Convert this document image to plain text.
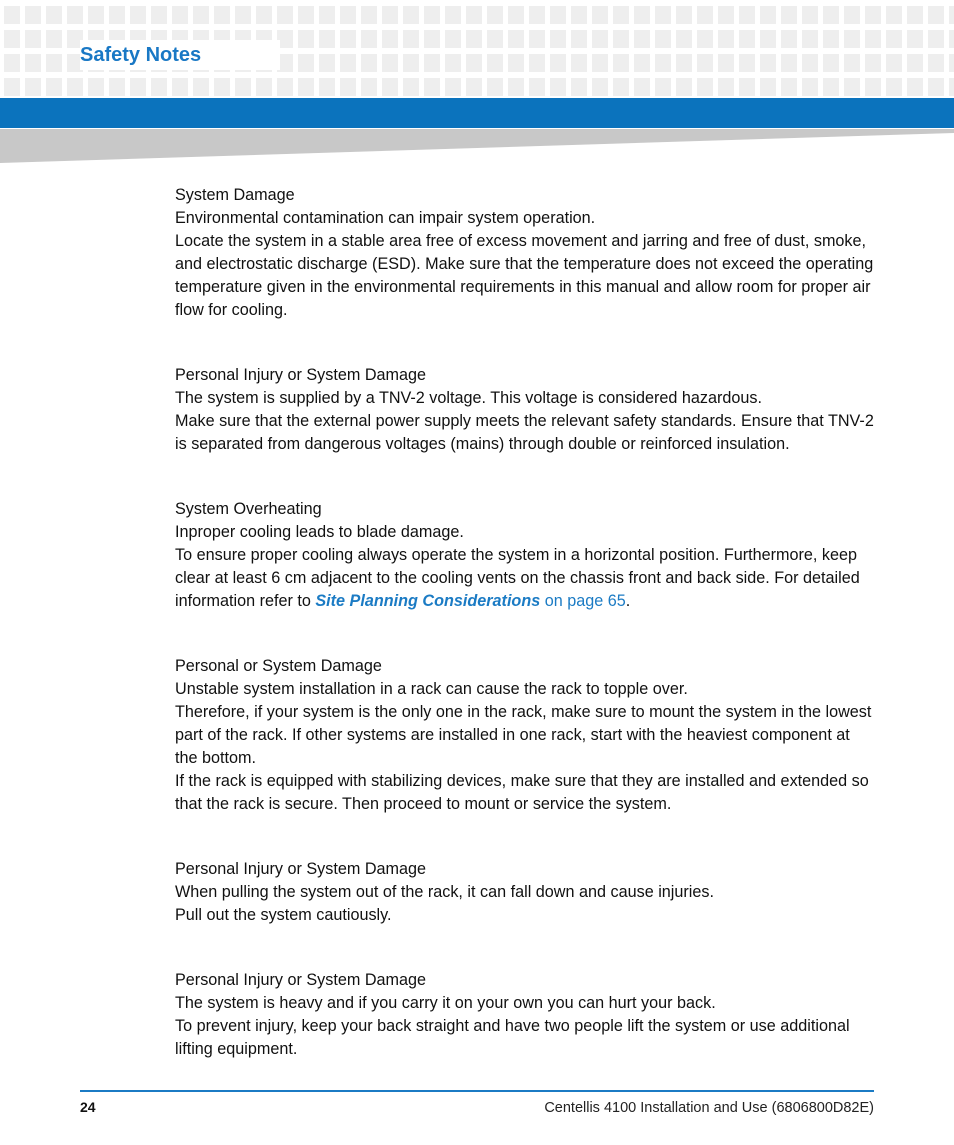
Safety Notes

System Damage

Environmental contamination can impair system operation.

Locate the system in a stable area free of excess movement and jarring and free of dust, smoke, and electrostatic discharge (ESD). Make sure that the temperature does not exceed the operating temperature given in the environmental requirements in this manual and allow room for proper air flow for cooling.

Personal Injury or System Damage

The system is supplied by a TNV-2 voltage. This voltage is considered hazardous.

Make sure that the external power supply meets the relevant safety standards. Ensure that TNV-2 is separated from dangerous voltages (mains) through double or reinforced insulation.

System Overheating

Inproper cooling leads to blade damage.

To ensure proper cooling always operate the system in a horizontal position. Furthermore, keep clear at least 6 cm adjacent to the cooling vents on the chassis front and back side. For detailed information refer to Site Planning Considerations on page 65.

Personal or System Damage

Unstable system installation in a rack can cause the rack to topple over.

Therefore, if your system is the only one in the rack, make sure to mount the system in the lowest part of the rack. If other systems are installed in one rack, start with the heaviest component at the bottom.

If the rack is equipped with stabilizing devices, make sure that they are installed and extended so that the rack is secure. Then proceed to mount or service the system.

Personal Injury or System Damage

When pulling the system out of the rack, it can fall down and cause injuries.

Pull out the system cautiously.

Personal Injury or System Damage

The system is heavy and if you carry it on your own you can hurt your back.

To prevent injury, keep your back straight and have two people lift the system or use additional lifting equipment.

24	Centellis 4100 Installation and Use (6806800D82E)
